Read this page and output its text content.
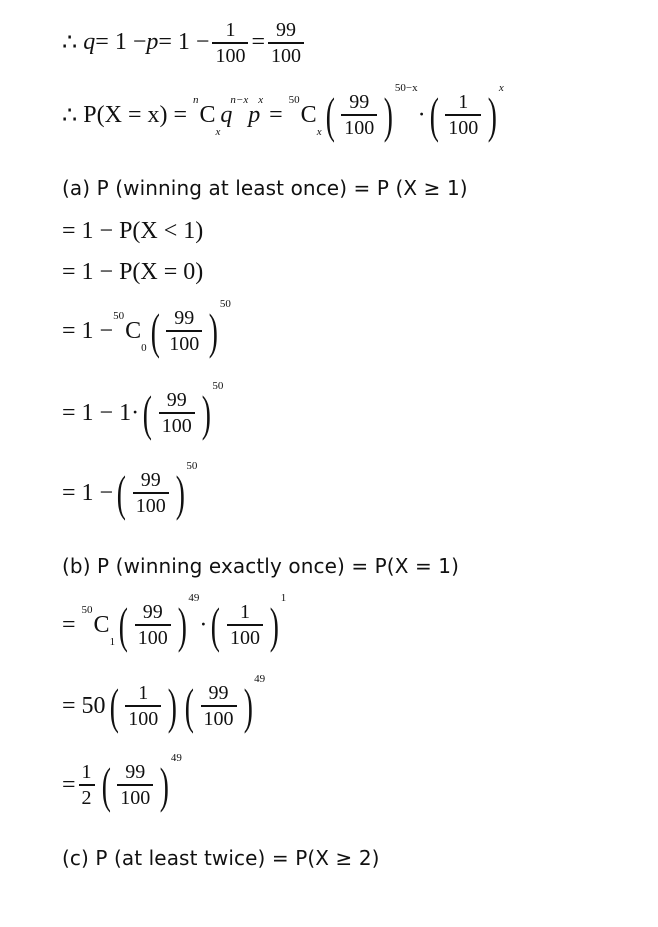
∴ $q = 1 - p = 1 - \frac{1}{100} = \frac{99}{100}$
∴ P(X = x) =
n
C
x
q
n−x
p
x
=
50
C
x ( $\frac{99}{100}$ ) 50−x
· ( $\frac{1}{100}$ ) x
(a) P (winning at least once) = P (X ≥ 1)
= 1 − P(X < 1)
= 1 − P(X = 0)
= 1 −
50
C
0 ( $\frac{99}{100}$ ) 50
= 1 − 1· ( $\frac{99}{100}$ ) 50
= 1 − ( $\frac{99}{100}$ ) 50
(b) P (winning exactly once) = P(X = 1)
=
50
C
1 ( $\frac{99}{100}$ ) 49
· ( $\frac{1}{100}$ ) 1
= 50 ( $\frac{1}{100}$ ) ( $\frac{99}{100}$ ) 49
= $\frac{1}{2}$ ( $\frac{99}{100}$ ) 49
(c) P (at least twice) = P(X ≥ 2)
